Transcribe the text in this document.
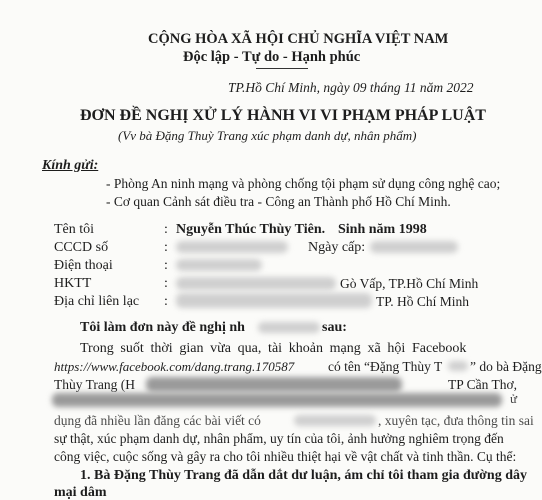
CỘNG HÒA XÃ HỘI CHỦ NGHĨA VIỆT NAM
Độc lập - Tự do - Hạnh phúc
TP.Hồ Chí Minh, ngày 09 tháng 11 năm 2022
ĐƠN ĐỀ NGHỊ XỬ LÝ HÀNH VI VI PHẠM PHÁP LUẬT
(Vv bà Đặng Thuỳ Trang xúc phạm danh dự, nhân phẩm)
Kính gửi:
- Phòng An ninh mạng và phòng chống tội phạm sử dụng công nghệ cao;
- Cơ quan Cảnh sát điều tra - Công an Thành phố Hồ Chí Minh.
Tên tôi	: Nguyễn Thúc Thùy Tiên. Sinh năm 1998
CCCD số	:	Ngày cấp:
Điện thoại	:
HKTT	:	Gò Vấp, TP.Hồ Chí Minh
Địa chỉ liên lạc :	TP. Hồ Chí Minh
Tôi làm đơn này đề nghị nh	sau:
Trong suốt thời gian vừa qua, tài khoản mạng xã hội Facebook
https://www.facebook.com/dang.trang.170587	có tên “Đặng Thùy T ” do bà Đặng
Thùy Trang (H	TP Cần Thơ,
ử
dụng đã nhiều lần đăng các bài viết có	, xuyên tạc, đưa thông tin sai
sự thật, xúc phạm danh dự, nhân phẩm, uy tín của tôi, ảnh hưởng nghiêm trọng đến
công việc, cuộc sống và gây ra cho tôi nhiều thiệt hại về vật chất và tinh thần. Cụ thể:
1. Bà Đặng Thùy Trang đã dẫn dắt dư luận, ám chỉ tôi tham gia đường dây
mại dâm
